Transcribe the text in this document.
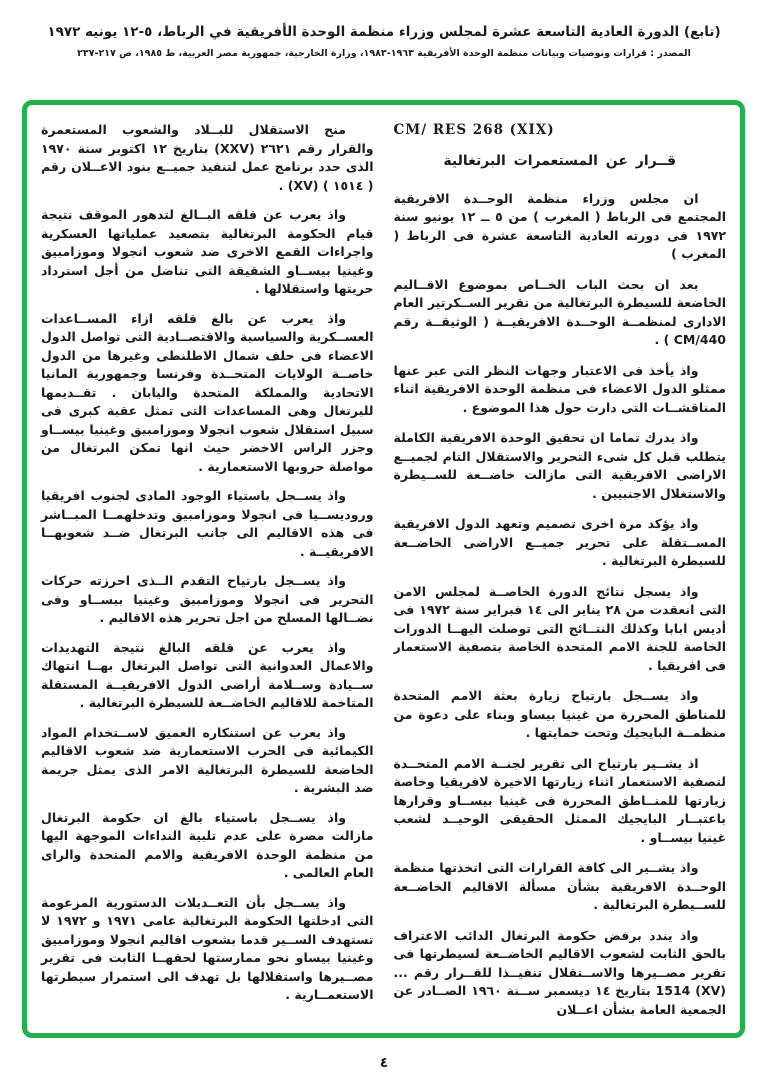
(تابع) الدورة العادية التاسعة عشرة لمجلس وزراء منظمة الوحدة الأفريقية في الرباط، ٥-١٢ يونيه ١٩٧٢
المصدر : قرارات وتوصيات وبيانات منظمة الوحدة الأفريقية ١٩٦٣-١٩٨٣، وزارة الخارجية، جمهورية مصر العربية، ط ١٩٨٥، ص ٢١٧-٢٣٧
CM/ RES 268 (XIX)
قــرار عن المستعمرات البرتغالية

ان مجلس وزراء منظمة الوحــدة الافريقية المجتمع فى الرباط ( المغرب ) من ٥ ــ ١٢ يونيو سنة ١٩٧٢ فى دورته العادية التاسعة عشرة فى الرباط ( المغرب )

بعد ان بحث الباب الخــاص بموضوع الاقــاليم الخاضعة للسيطرة البرتغالية من تقرير الســكرتير العام الادارى لمنظمــة الوحــدة الافريقيــة ( الوثيقــة رقم CM/440 ) .

واذ يأخذ فى الاعتبار وجهات النظر التى عبر عنها ممثلو الدول الاعضاء فى منظمة الوحدة الافريقية اثناء المناقشــات التى دارت حول هذا الموضوع .

واذ يدرك تماما ان تحقيق الوحدة الافريقية الكاملة يتطلب قبل كل شىء التحرير والاستقلال التام لجميــع الاراضى الافريقية التى مازالت خاضــعة للســيطرة والاستغلال الاجنبيين .

واذ يؤكد مرة اخرى تصميم وتعهد الدول الافريقية المســتقلة على تحرير جميــع الاراضى الخاضــعة للسيطرة البرتغالية .

واذ يسجل نتائج الدورة الخاصــة لمجلس الامن التى انعقدت من ٢٨ يناير الى ١٤ فبراير سنة ١٩٧٢ فى أديس ابابا وكذلك النتــائج التى توصلت اليهــا الدورات الخاصة للجنة الامم المتحدة الخاصة بتصفية الاستعمار فى افريقيا .

واذ يســجل بارتياح زيارة بعثة الامم المتحدة للمناطق المحررة من غينيا بيساو وبناء على دعوة من منظمــة البايجيك وتحت حمايتها .

اذ يشــير بارتياح الى تقرير لجنــة الامم المتحــدة لتصفية الاستعمار اثناء زيارتها الاخيرة لافريقيا وخاصة زيارتها للمنــاطق المحررة فى غينيا بيســاو وقرارها باعتبــار البايجيك الممثل الحقيقى الوحيــد لشعب غينيا بيســاو .

واذ يشــير الى كافة القرارات التى اتخذتها منظمة الوحــدة الافريقية بشأن مسألة الاقاليم الخاضــعة للســيطرة البرتغالية .

واذ يندد برفض حكومة البرتغال الدائب الاعتراف بالحق الثابت لشعوب الاقاليم الخاضــعة لسيطرتها فى تقرير مصــيرها والاســتقلال تنفيــذا للقــرار رقم ... (XV) 1514 بتاريخ ١٤ ديسمبر ســنة ١٩٦٠ الصــادر عن الجمعية العامة بشأن اعــلان

منح الاستقلال للبــلاد والشعوب المستعمرة والقرار رقم ٢٦٢١ (XXV) بتاريخ ١٢ اكتوبر سنة ١٩٧٠ الذى حدد برنامج عمل لتنفيذ جميــع بنود الاعــلان رقم ( ١٥١٤ ) (XV) .

واذ يعرب عن قلقه البــالغ لتدهور الموقف نتيجة قيام الحكومة البرتغالية بتصعيد عملياتها العسكرية واجراءات القمع الاخرى ضد شعوب انجولا وموزامبيق وغينيا بيســاو الشقيقة التى تناضل من أجل استرداد حريتها واستقلالها .

واذ يعرب عن بالغ قلقه ازاء المســاعدات العســكرية والسياسية والاقتصــادية التى تواصل الدول الاعضاء فى حلف شمال الاطلنطى وغيرها من الدول خاصــة الولايات المتحــدة وفرنسا وجمهورية المانيا الاتحادية والمملكة المتحدة واليابان . تقــديمها للبرتغال وهى المساعدات التى تمثل عقبة كبرى فى سبيل استقلال شعوب انجولا وموزامبيق وغينيا بيســاو وجزر الراس الاخضر حيث انها تمكن البرتغال من مواصلة حروبها الاستعمارية .

واذ يســجل باستياء الوجود المادى لجنوب افريقيا وروديســيا فى انجولا وموزامبيق وتدخلهمــا المبــاشر فى هذه الاقاليم الى جانب البرتغال ضــد شعوبهــا الافريقيــة .

واذ يســجل بارتياح التقدم الــذى احرزته حركات التحرير فى انجولا وموزامبيق وغينيا بيســاو وفى نضــالها المسلح من اجل تحرير هذه الاقاليم .

واذ يعرب عن قلقه البالغ نتيجة التهديدات والاعمال العدوانية التى تواصل البرتغال بهــا انتهاك ســيادة وســلامة أراضى الدول الافريقيــة المستقلة المتاخمة للاقاليم الخاضــعة للسيطرة البرتغالية .

واذ يعرب عن استنكاره العميق لاســتخدام المواد الكيمائية فى الحرب الاستعمارية ضد شعوب الاقاليم الخاضعة للسيطرة البرتغالية الامر الذى يمثل جريمة ضد البشرية .

واذ يســجل باستياء بالغ ان حكومة البرتغال مازالت مصرة على عدم تلبية النداءات الموجهة اليها من منظمة الوحدة الافريقية والامم المتحدة والراى العام العالمى .

واذ يســجل بأن التعــديلات الدستورية المزعومة التى ادخلتها الحكومة البرتغالية عامى ١٩٧١ و ١٩٧٢ لا تستهدف الســير قدما بشعوب اقاليم انجولا وموزامبيق وغينيا بيساو نحو ممارستها لحقهــا الثابت فى تقرير مصــيرها واستقلالها بل تهدف الى استمرار سيطرتها الاستعمــارية .

٤
